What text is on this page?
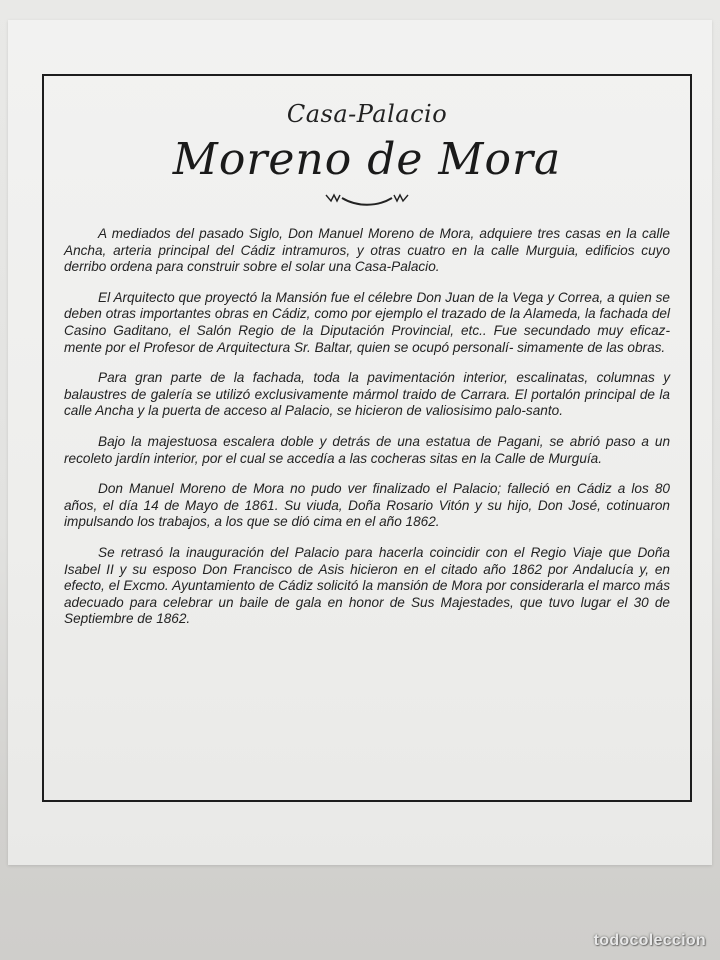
Casa-Palacio
Moreno de Mora

A mediados del pasado Siglo, Don Manuel Moreno de Mora, adquiere tres casas en la calle Ancha, arteria principal del Cádiz intramuros, y otras cuatro en la calle Murguia, edificios cuyo derribo ordena para construir sobre el solar una Casa-Palacio.

El Arquitecto que proyectó la Mansión fue el célebre Don Juan de la Vega y Correa, a quien se deben otras importantes obras en Cádiz, como por ejemplo el trazado de la Alameda, la fachada del Casino Gaditano, el Salón Regio de la Diputación Provincial, etc.. Fue secundado muy eficaz- mente por el Profesor de Arquitectura Sr. Baltar, quien se ocupó personalí- simamente de las obras.

Para gran parte de la fachada, toda la pavimentación interior, escalinatas, columnas y balaustres de galería se utilizó exclusivamente mármol traido de Carrara. El portalón principal de la calle Ancha y la puerta de acceso al Palacio, se hicieron de valiosisimo palo-santo.

Bajo la majestuosa escalera doble y detrás de una estatua de Pagani, se abrió paso a un recoleto jardín interior, por el cual se accedía a las cocheras sitas en la Calle de Murguía.

Don Manuel Moreno de Mora no pudo ver finalizado el Palacio; falleció en Cádiz a los 80 años, el día 14 de Mayo de 1861. Su viuda, Doña Rosario Vitón y su hijo, Don José, cotinuaron impulsando los trabajos, a los que se dió cima en el año 1862.

Se retrasó la inauguración del Palacio para hacerla coincidir con el Regio Viaje que Doña Isabel II y su esposo Don Francisco de Asis hicieron en el citado año 1862 por Andalucía y, en efecto, el Excmo. Ayuntamiento de Cádiz solicitó la mansión de Mora por considerarla el marco más adecuado para celebrar un baile de gala en honor de Sus Majestades, que tuvo lugar el 30 de Septiembre de 1862.

todocoleccion
